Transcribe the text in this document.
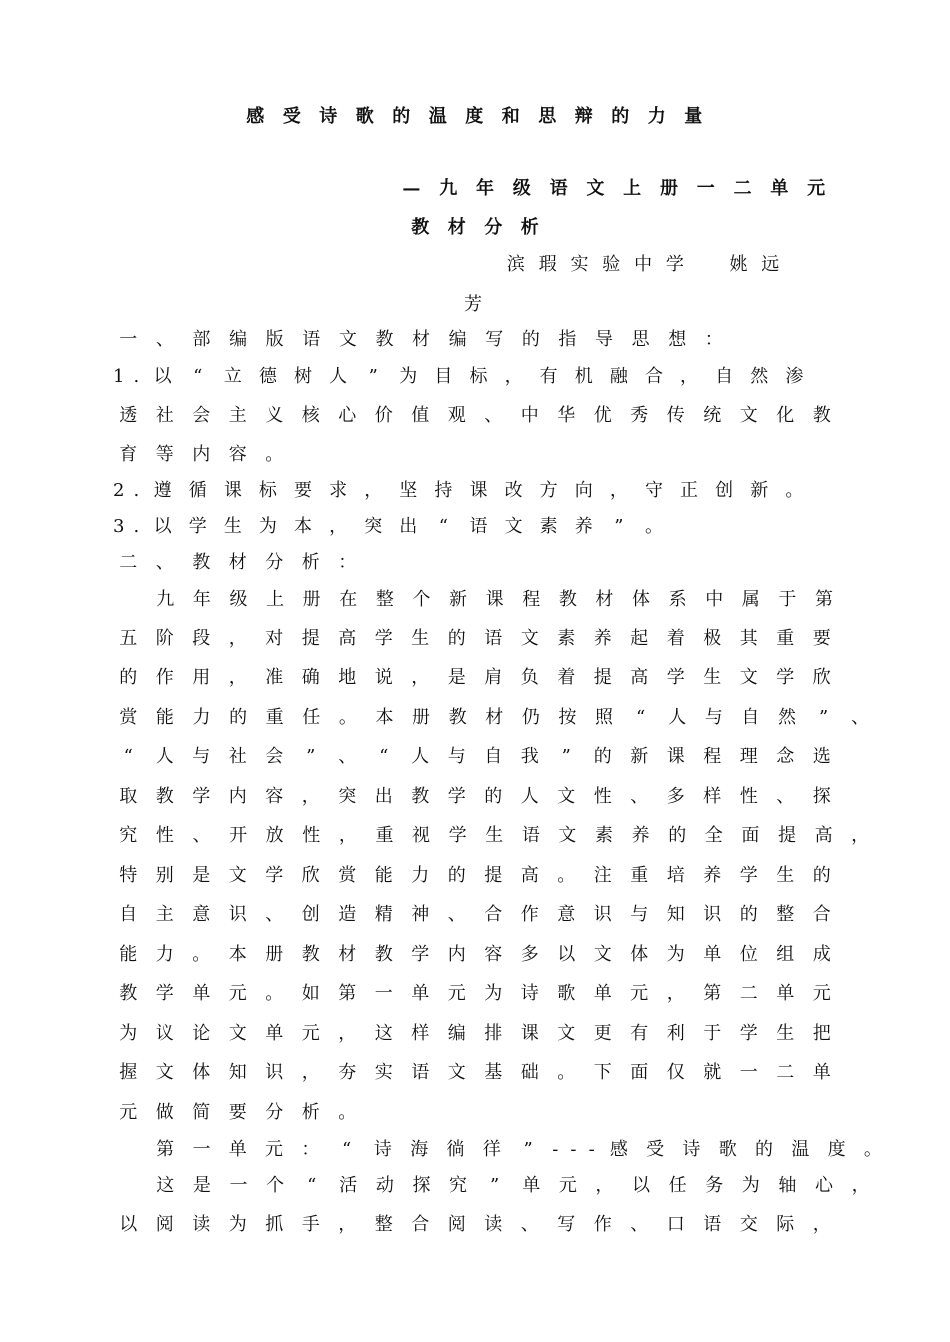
感	受	诗	歌	的	温	度	和	思	辩	的	力	量
—	九	年	级	语	文	上	册	一	二	单	元
教	材	分	析
滨 瑕 实 验 中 学	姚 远
芳
一	、	部	编	版	语	文	教	材	编	写	的	指	导	思	想	：
1 . 以	“	立 德 树 人	”	为 目 标 ， 有 机 融 合 ， 自 然 渗
透	社	会	主	义	核	心	价	值	观	、	中	华	优	秀	传	统	文	化	教
育	等	内	容	。
2 . 遵 循 课 标 要 求 ， 坚 持 课 改 方 向 ， 守 正 创 新 。
3 . 以 学 生 为 本 ， 突 出	“	语 文 素 养	”	。
二	、	教	材	分	析	：
九	年	级	上	册	在	整	个	新	课	程	教	材	体	系	中	属	于	第
五	阶	段	，	对	提	高	学	生	的	语	文	素	养	起	着	极	其	重	要
的	作	用	，	准	确	地	说	，	是	肩	负	着	提	高	学	生	文	学	欣
赏	能	力	的	重	任	。	本	册	教	材	仍	按	照	“	人	与	自	然	”	、
“	人	与	社	会	”	、	“	人	与	自	我	”	的	新	课	程	理	念	选
取	教	学	内	容	，	突	出	教	学	的	人	文	性	、	多	样	性	、	探
究	性	、	开	放	性	，	重	视	学	生	语	文	素	养	的	全	面	提	高	，
特	别	是	文	学	欣	赏	能	力	的	提	高	。	注	重	培	养	学	生	的
自	主	意	识	、	创	造	精	神	、	合	作	意	识	与	知	识	的	整	合
能	力	。	本	册	教	材	教	学	内	容	多	以	文	体	为	单	位	组	成
教	学	单	元	。	如	第	一	单	元	为	诗	歌	单	元	，	第	二	单	元
为	议	论	文	单	元	，	这	样	编	排	课	文	更	有	利	于	学	生	把
握	文	体	知	识	，	夯	实	语	文	基	础	。	下	面	仅	就	一	二	单
元	做	简	要	分	析	。
第	一	单	元	：	“	诗	海	徜	徉	”	- - - 感	受	诗	歌	的	温	度	。
这	是	一	个	“	活	动	探	究	”	单	元	，	以	任	务	为	轴	心	，
以	阅	读	为	抓	手	，	整	合	阅	读	、	写	作	、	口	语	交	际	，
